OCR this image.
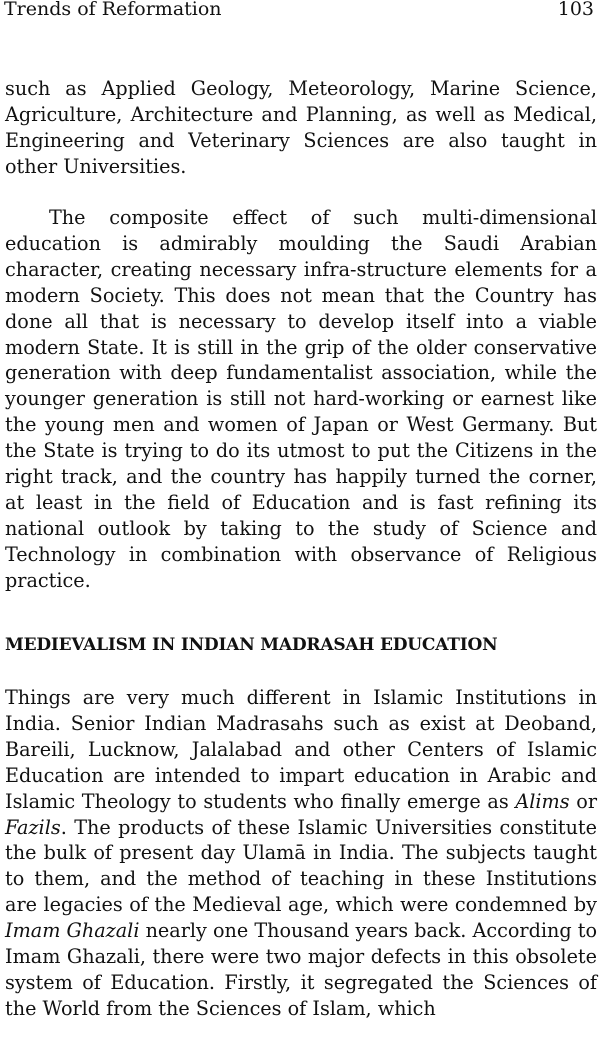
Trends of Reformation	103

such as Applied Geology, Meteorology, Marine Science, Agriculture, Architecture and Planning, as well as Medical, Engineering and Veterinary Sciences are also taught in other Universities.

The composite effect of such multi-dimensional education is admirably moulding the Saudi Arabian character, creating necessary infra-structure elements for a modern Society. This does not mean that the Country has done all that is necessary to develop itself into a viable modern State. It is still in the grip of the older conservative generation with deep fundamentalist association, while the younger generation is still not hard-working or earnest like the young men and women of Japan or West Germany. But the State is trying to do its utmost to put the Citizens in the right track, and the country has happily turned the corner, at least in the field of Education and is fast refining its national outlook by taking to the study of Science and Technology in combination with observance of Religious practice.

MEDIEVALISM IN INDIAN MADRASAH EDUCATION

Things are very much different in Islamic Institutions in India. Senior Indian Madrasahs such as exist at Deoband, Bareili, Lucknow, Jalalabad and other Centers of Islamic Education are intended to impart education in Arabic and Islamic Theology to students who finally emerge as Alims or Fazils. The products of these Islamic Universities constitute the bulk of present day Ulamā in India. The subjects taught to them, and the method of teaching in these Institutions are legacies of the Medieval age, which were condemned by Imam Ghazali nearly one Thousand years back. According to Imam Ghazali, there were two major defects in this obsolete system of Education. Firstly, it segregated the Sciences of the World from the Sciences of Islam, which
